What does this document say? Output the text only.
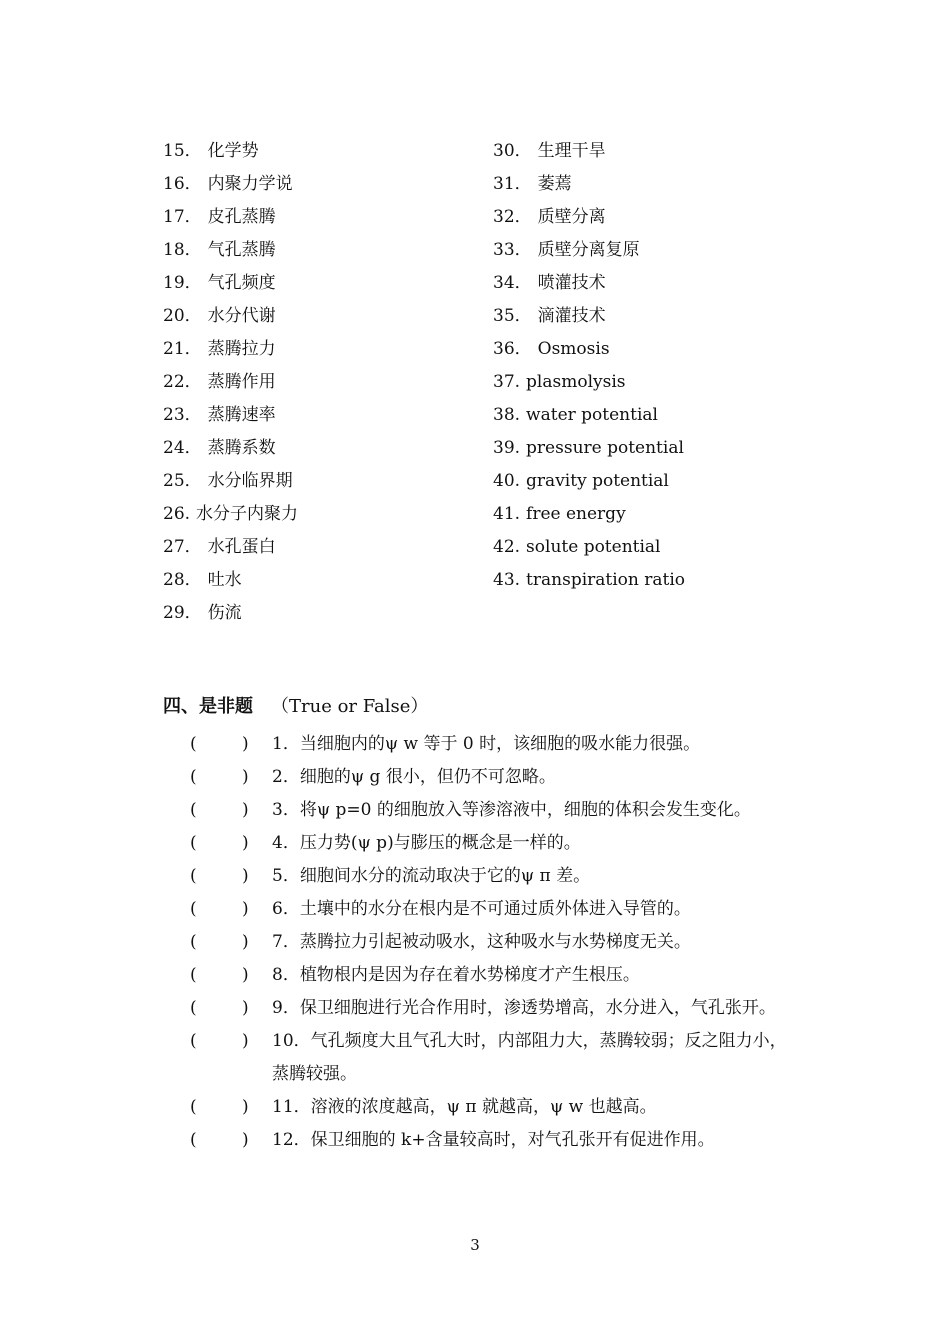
15． 化学势
16． 内聚力学说
17． 皮孔蒸腾
18． 气孔蒸腾
19． 气孔频度
20． 水分代谢
21． 蒸腾拉力
22． 蒸腾作用
23． 蒸腾速率
24． 蒸腾系数
25． 水分临界期
26. 水分子内聚力
27． 水孔蛋白
28． 吐水
29． 伤流
30． 生理干旱
31． 萎蔫
32． 质壁分离
33． 质壁分离复原
34． 喷灌技术
35． 滴灌技术
36． Osmosis
37. plasmolysis
38. water potential
39. pressure potential
40. gravity potential
41. free energy
42. solute potential
43. transpiration ratio
四、是非题 （True or False）
(	) 1．当细胞内的ψ w 等于 0 时，该细胞的吸水能力很强。
(	) 2．细胞的ψ g 很小，但仍不可忽略。
(	) 3．将ψ p=0 的细胞放入等渗溶液中，细胞的体积会发生变化。
(	) 4．压力势(ψ p)与膨压的概念是一样的。
(	) 5．细胞间水分的流动取决于它的ψ π 差。
(	) 6．土壤中的水分在根内是不可通过质外体进入导管的。
(	) 7．蒸腾拉力引起被动吸水，这种吸水与水势梯度无关。
(	) 8．植物根内是因为存在着水势梯度才产生根压。
(	) 9．保卫细胞进行光合作用时，渗透势增高，水分进入，气孔张开。
(	) 10．气孔频度大且气孔大时，内部阻力大，蒸腾较弱；反之阻力小，蒸腾较强。
(	) 11．溶液的浓度越高，ψ π 就越高，ψ w 也越高。
(	) 12．保卫细胞的 k+含量较高时，对气孔张开有促进作用。
3
